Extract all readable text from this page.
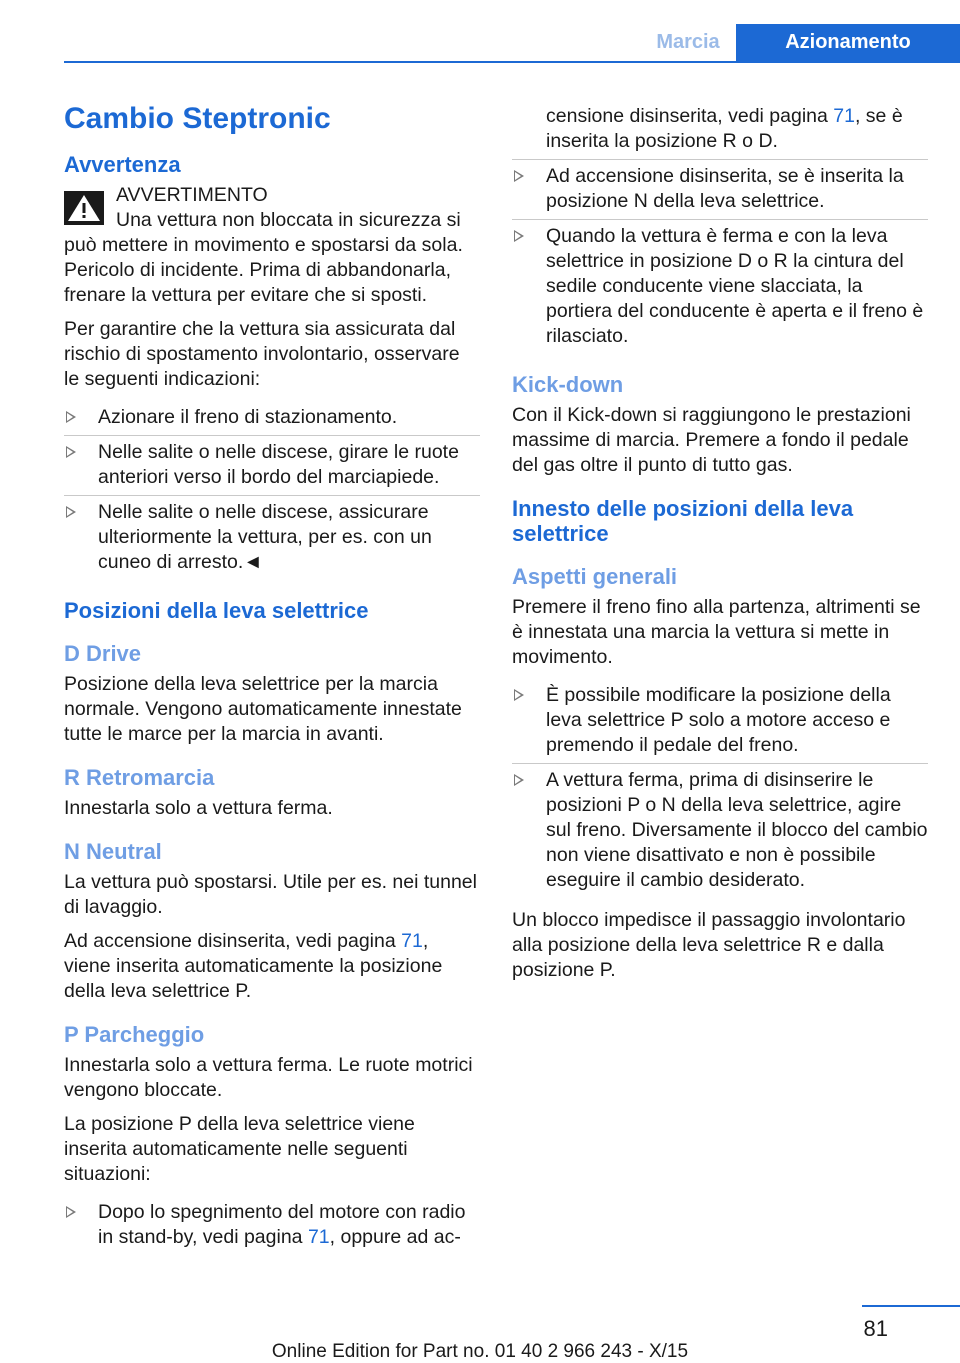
Marcia	Azionamento
Cambio Steptronic
Avvertenza
AVVERTIMENTO
Una vettura non bloccata in sicurezza si
può mettere in movimento e spostarsi da sola. Pericolo di incidente. Prima di abbandonarla, frenare la vettura per evitare che si sposti.

Per garantire che la vettura sia assicurata dal rischio di spostamento involontario, osservare le seguenti indicazioni:

Azionare il freno di stazionamento.
Nelle salite o nelle discese, girare le ruote anteriori verso il bordo del marciapiede.
Nelle salite o nelle discese, assicurare ulteriormente la vettura, per es. con un cuneo di arresto.◄
Posizioni della leva selettrice
D Drive

Posizione della leva selettrice per la marcia normale. Vengono automaticamente innestate tutte le marce per la marcia in avanti.

R Retromarcia

Innestarla solo a vettura ferma.

N Neutral

La vettura può spostarsi. Utile per es. nei tunnel di lavaggio.

Ad accensione disinserita, vedi pagina 71, viene inserita automaticamente la posizione della leva selettrice P.

P Parcheggio

Innestarla solo a vettura ferma. Le ruote motrici vengono bloccate.

La posizione P della leva selettrice viene inserita automaticamente nelle seguenti situazioni:

Dopo lo spegnimento del motore con radio in stand-by, vedi pagina 71, oppure ad ac-
censione disinserita, vedi pagina 71, se è inserita la posizione R o D.
Ad accensione disinserita, se è inserita la posizione N della leva selettrice.
Quando la vettura è ferma e con la leva selettrice in posizione D o R la cintura del sedile conducente viene slacciata, la portiera del conducente è aperta e il freno è rilasciato.
Kick-down

Con il Kick-down si raggiungono le prestazioni massime di marcia. Premere a fondo il pedale del gas oltre il punto di tutto gas.

Innesto delle posizioni della leva selettrice
Aspetti generali

Premere il freno fino alla partenza, altrimenti se è innestata una marcia la vettura si mette in movimento.

È possibile modificare la posizione della leva selettrice P solo a motore acceso e premendo il pedale del freno.
A vettura ferma, prima di disinserire le posizioni P o N della leva selettrice, agire sul freno. Diversamente il blocco del cambio non viene disattivato e non è possibile eseguire il cambio desiderato.

Un blocco impedisce il passaggio involontario alla posizione della leva selettrice R e dalla posizione P.

81
Online Edition for Part no. 01 40 2 966 243 - X/15
